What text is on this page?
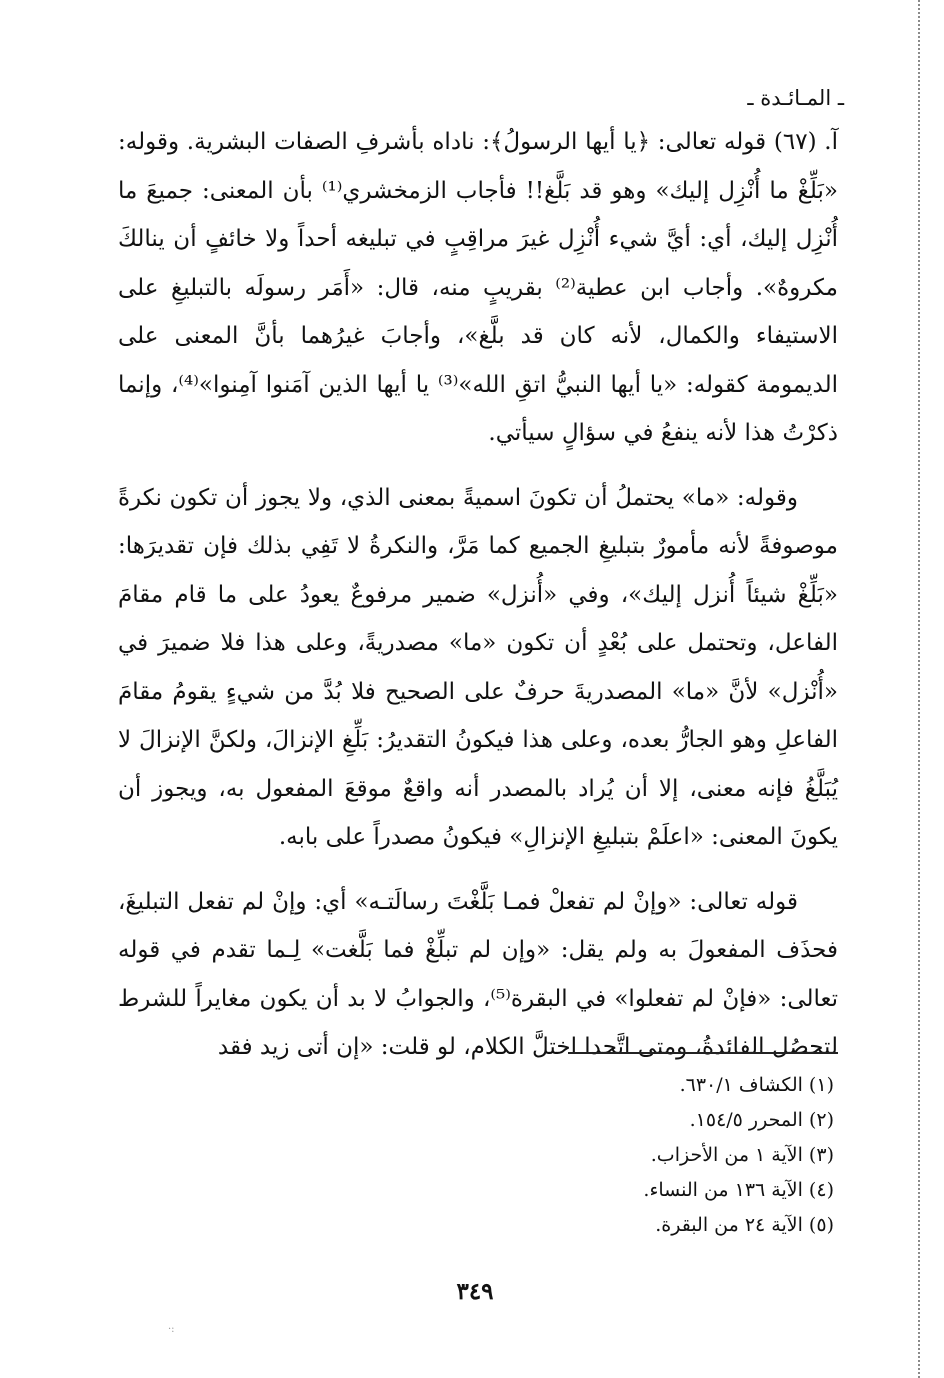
ـ المـائـدة ـ

آ. (٦٧) قوله تعالى: ﴿يا أيها الرسولُ﴾: ناداه بأشرفِ الصفات البشرية. وقوله: «بَلِّغْ ما أُنْزِل إليك» وهو قد بَلَّغ!! فأجاب الزمخشري⁽¹⁾ بأن المعنى: جميعَ ما أُنْزِل إليك، أي: أيَّ شيء أُنْزِل غيرَ مراقِبٍ في تبليغه أحداً ولا خائفٍ أن ينالكَ مكروهٌ». وأجاب ابن عطية⁽²⁾ بقريبٍ منه، قال: «أَمَر رسولَه بالتبليغِ على الاستيفاء والكمال، لأنه كان قد بلَّغ»، وأجابَ غيرُهما بأنَّ المعنى على الديمومة كقوله: «يا أيها النبيُّ اتقِ الله»⁽³⁾ يا أيها الذين آمَنوا آمِنوا»⁽⁴⁾، وإنما ذكرْتُ هذا لأنه ينفعُ في سؤالٍ سيأتي.

وقوله: «ما» يحتملُ أن تكونَ اسميةً بمعنى الذي، ولا يجوز أن تكون نكرةً موصوفةً لأنه مأمورٌ بتبليغِ الجميع كما مَرَّ، والنكرةُ لا تَفِي بذلك فإن تقديرَها: «بَلِّغْ شيئاً أُنزل إليك»، وفي «أُنزل» ضمير مرفوعٌ يعودُ على ما قام مقامَ الفاعل، وتحتمل على بُعْدٍ أن تكون «ما» مصدريةً، وعلى هذا فلا ضميرَ في «أُنْزل» لأنَّ «ما» المصدريةَ حرفٌ على الصحيح فلا بُدَّ من شيءٍ يقومُ مقامَ الفاعلِ وهو الجارُّ بعده، وعلى هذا فيكونُ التقديرُ: بَلِّغِ الإنزالَ، ولكنَّ الإنزالَ لا يُبَلَّغُ فإنه معنى، إلا أن يُراد بالمصدر أنه واقعٌ موقعَ المفعول به، ويجوز أن يكونَ المعنى: «اعلَمْ بتبليغِ الإنزالِ» فيكونُ مصدراً على بابه.

قوله تعالى: «وإنْ لم تفعلْ فمـا بَلَّغْتَ رسالَتـه» أي: وإنْ لم تفعل التبليغَ، فحذَف المفعولَ به ولم يقل: «وإن لم تبلِّغْ فما بَلَّغت» لِـما تقدم في قوله تعالى: «فإنْ لم تفعلوا» في البقرة⁽⁵⁾، والجوابُ لا بد أن يكون مغايراً للشرط لتحصُل الفائدةُ، ومتى اتَّحدا اختلَّ الكلام، لو قلت: «إن أتى زيد فقد

(١) الكشاف ٦٣٠/١.
(٢) المحرر ١٥٤/٥.
(٣) الآية ١ من الأحزاب.
(٤) الآية ١٣٦ من النساء.
(٥) الآية ٢٤ من البقرة.
٣٤٩
·:
